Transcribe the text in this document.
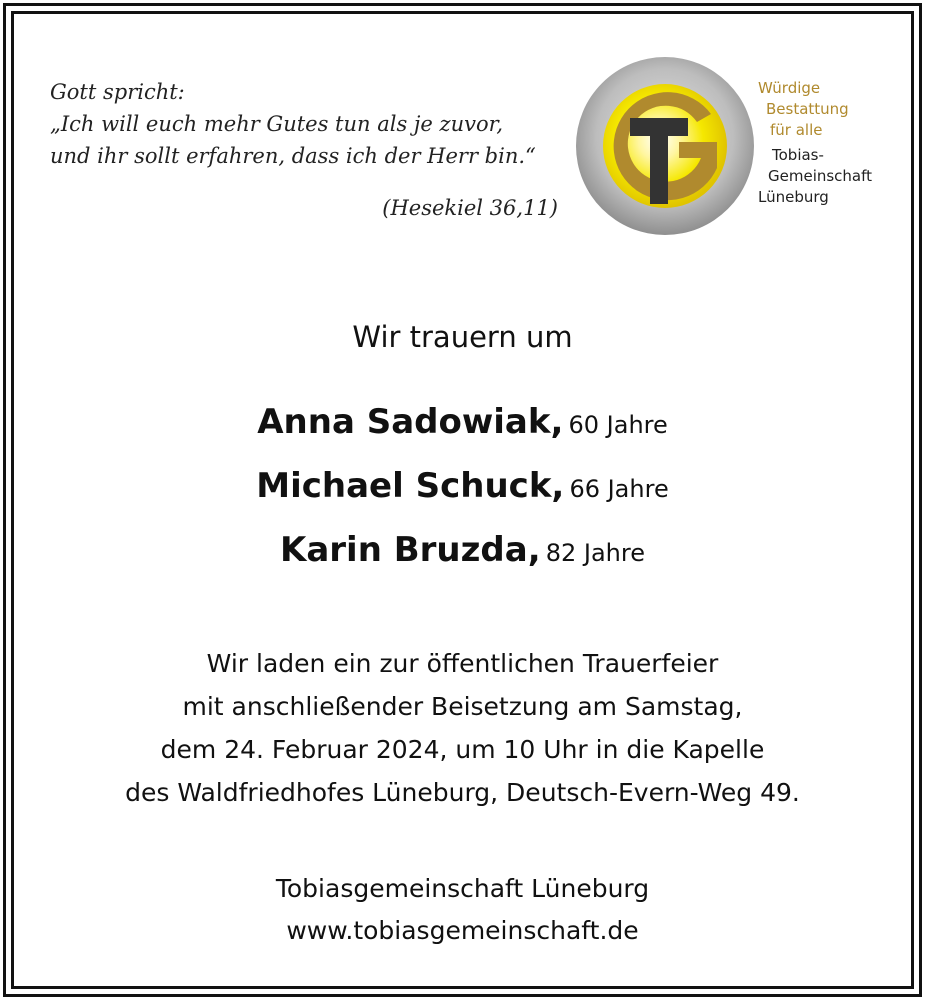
Gott spricht:
„Ich will euch mehr Gutes tun als je zuvor,
und ihr sollt erfahren, dass ich der Herr bin.“
(Hesekiel 36,11)
Würdige
Bestattung
für alle
Tobias-
Gemeinschaft
Lüneburg
Wir trauern um
Anna Sadowiak, 60 Jahre
Michael Schuck, 66 Jahre
Karin Bruzda, 82 Jahre
Wir laden ein zur öffentlichen Trauerfeier
mit anschließender Beisetzung am Samstag,
dem 24. Februar 2024, um 10 Uhr in die Kapelle
des Waldfriedhofes Lüneburg, Deutsch-Evern-Weg 49.
Tobiasgemeinschaft Lüneburg
www.tobiasgemeinschaft.de
